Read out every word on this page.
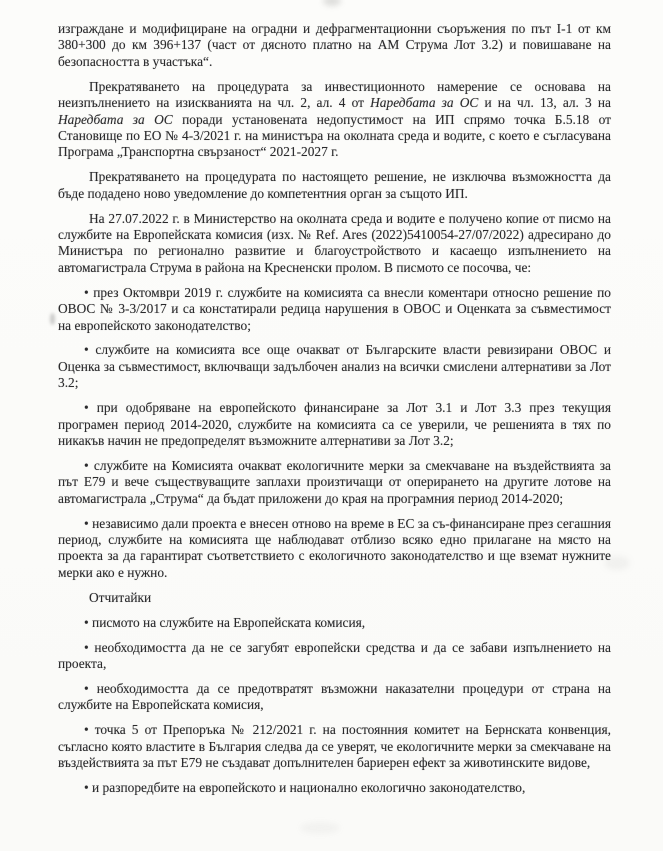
изграждане и модифициране на оградни и дефрагментационни съоръжения по път I-1 от км 380+300 до км 396+137 (част от дясното платно на АМ Струма Лот 3.2) и повишаване на безопасността в участъка“.

Прекратяването на процедурата за инвестиционното намерение се основава на неизпълнението на изискванията на чл. 2, ал. 4 от Наредбата за ОС и на чл. 13, ал. 3 на Наредбата за ОС поради установената недопустимост на ИП спрямо точка Б.5.18 от Становище по ЕО № 4-3/2021 г. на министъра на околната среда и водите, с което е съгласувана Програма „Транспортна свързаност“ 2021-2027 г.

Прекратяването на процедурата по настоящето решение, не изключва възможността да бъде подадено ново уведомление до компетентния орган за същото ИП.

На 27.07.2022 г. в Министерство на околната среда и водите е получено копие от писмо на службите на Европейската комисия (изх. № Ref. Ares (2022)5410054-27/07/2022) адресирано до Министъра по регионално развитие и благоустройството и касаещо изпълнението на автомагистрала Струма в района на Кресненски пролом. В писмото се посочва, че:

• през Октомври 2019 г. службите на комисията са внесли коментари относно решение по ОВОС № 3-3/2017 и са констатирали редица нарушения в ОВОС и Оценката за съвместимост на европейското законодателство;

• службите на комисията все още очакват от Българските власти ревизирани ОВОС и Оценка за съвместимост, включващи задълбочен анализ на всички смислени алтернативи за Лот 3.2;

• при одобряване на европейското финансиране за Лот 3.1 и Лот 3.3 през текущия програмен период 2014-2020, службите на комисията са се уверили, че решенията в тях по никакъв начин не предопределят възможните алтернативи за Лот 3.2;

• службите на Комисията очакват екологичните мерки за смекчаване на въздействията за път Е79 и вече съществуващите заплахи произтичащи от оперирането на другите лотове на автомагистрала „Струма“ да бъдат приложени до края на програмния период 2014-2020;

• независимо дали проекта е внесен отново на време в ЕС за съ-финансиране през сегашния период, службите на комисията ще наблюдават отблизо всяко едно прилагане на място на проекта за да гарантират съответствието с екологичното законодателство и ще вземат нужните мерки ако е нужно.

Отчитайки

• писмото на службите на Европейската комисия,

• необходимостта да не се загубят европейски средства и да се забави изпълнението на проекта,

• необходимостта да се предотвратят възможни наказателни процедури от страна на службите на Европейската комисия,

• точка 5 от Препоръка № 212/2021 г. на постоянния комитет на Бернската конвенция, съгласно която властите в България следва да се уверят, че екологичните мерки за смекчаване на въздействията за път Е79 не създават допълнителен бариерен ефект за животинските видове,

• и разпоредбите на европейското и национално екологично законодателство,
